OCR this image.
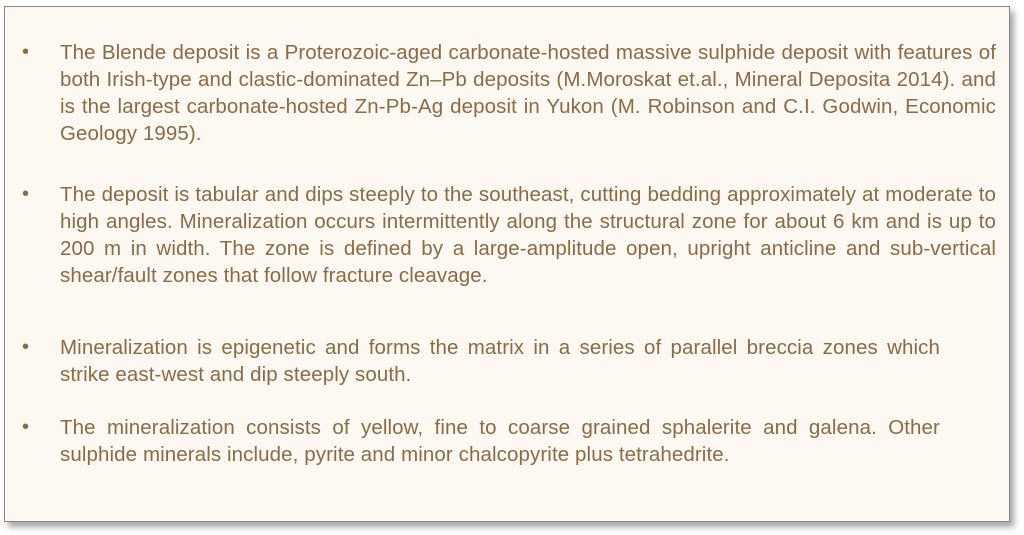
• The Blende deposit is a Proterozoic-aged carbonate-hosted massive sulphide deposit with features of both Irish-type and clastic-dominated Zn–Pb deposits (M.Moroskat et.al., Mineral Deposita 2014). and is the largest carbonate-hosted Zn-Pb-Ag deposit in Yukon (M. Robinson and C.I. Godwin, Economic Geology 1995).

• The deposit is tabular and dips steeply to the southeast, cutting bedding approximately at moderate to high angles. Mineralization occurs intermittently along the structural zone for about 6 km and is up to 200 m in width. The zone is defined by a large-amplitude open, upright anticline and sub-vertical shear/fault zones that follow fracture cleavage.

• Mineralization is epigenetic and forms the matrix in a series of parallel breccia zones which strike east-west and dip steeply south.

• The mineralization consists of yellow, fine to coarse grained sphalerite and galena. Other sulphide minerals include, pyrite and minor chalcopyrite plus tetrahedrite.
